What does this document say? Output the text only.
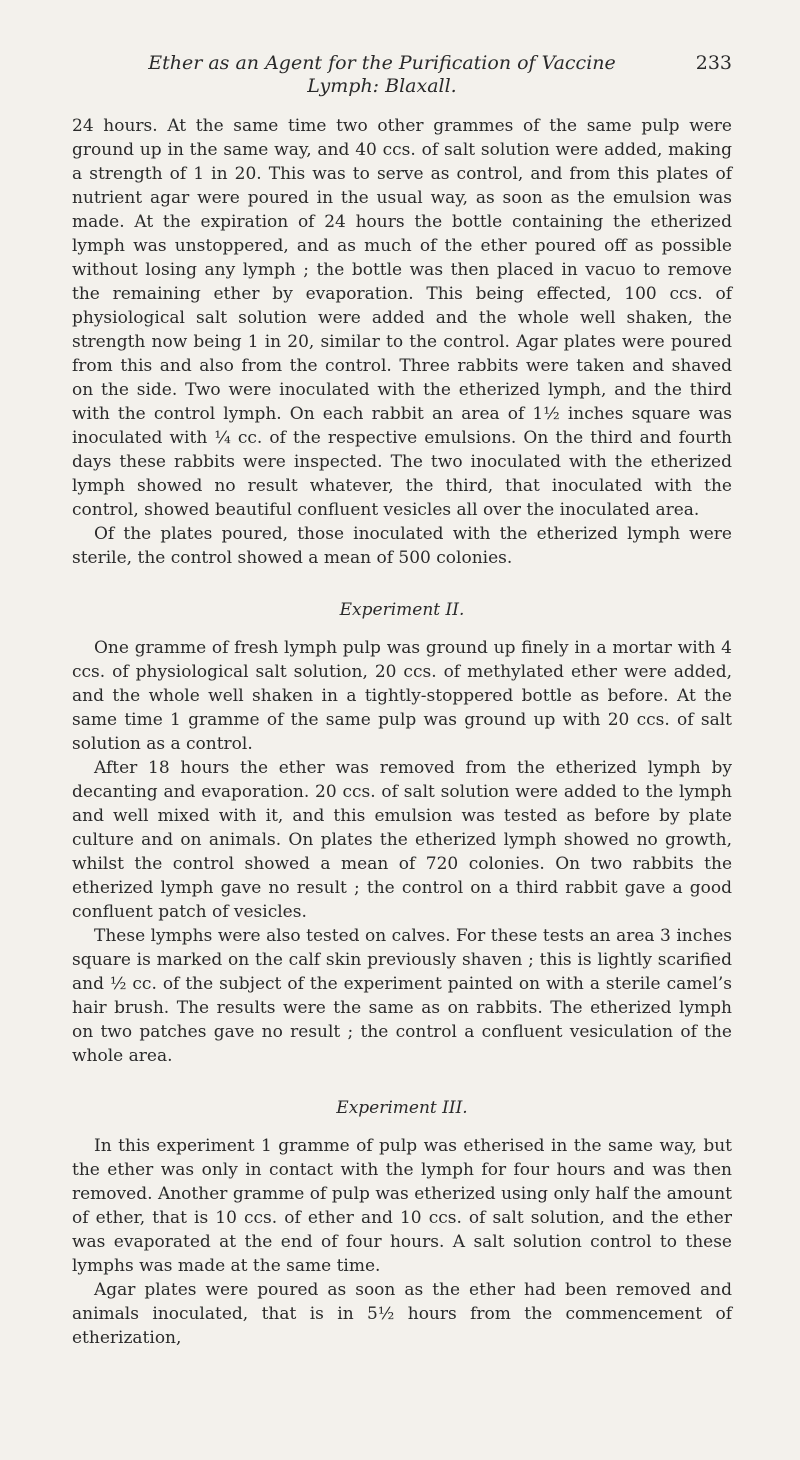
Ether as an Agent for the Purification of Vaccine
Lymph: Blaxall.
233

24 hours. At the same time two other grammes of the same pulp were ground up in the same way, and 40 ccs. of salt solution were added, making a strength of 1 in 20. This was to serve as control, and from this plates of nutrient agar were poured in the usual way, as soon as the emulsion was made. At the expiration of 24 hours the bottle containing the etherized lymph was unstoppered, and as much of the ether poured off as possible without losing any lymph ; the bottle was then placed in vacuo to remove the remaining ether by evaporation. This being effected, 100 ccs. of physiological salt solution were added and the whole well shaken, the strength now being 1 in 20, similar to the control. Agar plates were poured from this and also from the control. Three rabbits were taken and shaved on the side. Two were inoculated with the etherized lymph, and the third with the control lymph. On each rabbit an area of 1½ inches square was inoculated with ¼ cc. of the respective emulsions. On the third and fourth days these rabbits were inspected. The two inoculated with the etherized lymph showed no result whatever, the third, that inoculated with the control, showed beautiful confluent vesicles all over the inoculated area.

Of the plates poured, those inoculated with the etherized lymph were sterile, the control showed a mean of 500 colonies.

Experiment II.

One gramme of fresh lymph pulp was ground up finely in a mortar with 4 ccs. of physiological salt solution, 20 ccs. of methylated ether were added, and the whole well shaken in a tightly-stoppered bottle as before. At the same time 1 gramme of the same pulp was ground up with 20 ccs. of salt solution as a control.

After 18 hours the ether was removed from the etherized lymph by decanting and evaporation. 20 ccs. of salt solution were added to the lymph and well mixed with it, and this emulsion was tested as before by plate culture and on animals. On plates the etherized lymph showed no growth, whilst the control showed a mean of 720 colonies. On two rabbits the etherized lymph gave no result ; the control on a third rabbit gave a good confluent patch of vesicles.

These lymphs were also tested on calves. For these tests an area 3 inches square is marked on the calf skin previously shaven ; this is lightly scarified and ½ cc. of the subject of the experiment painted on with a sterile camel’s hair brush. The results were the same as on rabbits. The etherized lymph on two patches gave no result ; the control a confluent vesiculation of the whole area.

Experiment III.

In this experiment 1 gramme of pulp was etherised in the same way, but the ether was only in contact with the lymph for four hours and was then removed. Another gramme of pulp was etherized using only half the amount of ether, that is 10 ccs. of ether and 10 ccs. of salt solution, and the ether was evaporated at the end of four hours. A salt solution control to these lymphs was made at the same time.

Agar plates were poured as soon as the ether had been removed and animals inoculated, that is in 5½ hours from the commencement of etherization,
